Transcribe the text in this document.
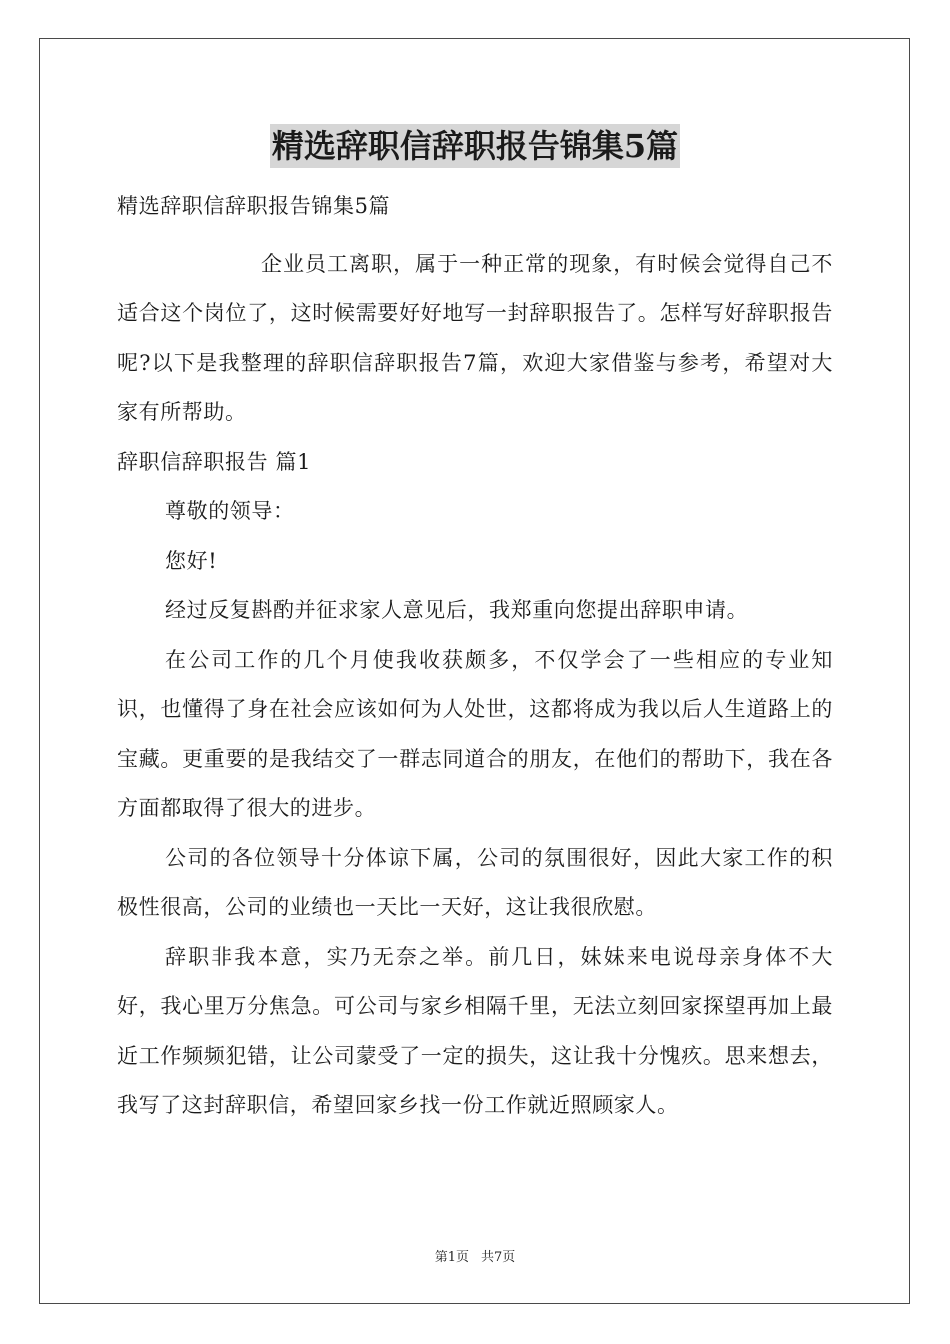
精选辞职信辞职报告锦集5篇

精选辞职信辞职报告锦集5篇

企业员工离职，属于一种正常的现象，有时候会觉得自己不适合这个岗位了，这时候需要好好地写一封辞职报告了。怎样写好辞职报告呢?以下是我整理的辞职信辞职报告7篇，欢迎大家借鉴与参考，希望对大家有所帮助。

辞职信辞职报告 篇1

尊敬的领导：

您好!

经过反复斟酌并征求家人意见后，我郑重向您提出辞职申请。

在公司工作的几个月使我收获颇多，不仅学会了一些相应的专业知识，也懂得了身在社会应该如何为人处世，这都将成为我以后人生道路上的宝藏。更重要的是我结交了一群志同道合的朋友，在他们的帮助下，我在各方面都取得了很大的进步。

公司的各位领导十分体谅下属，公司的氛围很好，因此大家工作的积极性很高，公司的业绩也一天比一天好，这让我很欣慰。

辞职非我本意，实乃无奈之举。前几日，妹妹来电说母亲身体不大好，我心里万分焦急。可公司与家乡相隔千里，无法立刻回家探望再加上最近工作频频犯错，让公司蒙受了一定的损失，这让我十分愧疚。思来想去，我写了这封辞职信，希望回家乡找一份工作就近照顾家人。

第1页 共7页
